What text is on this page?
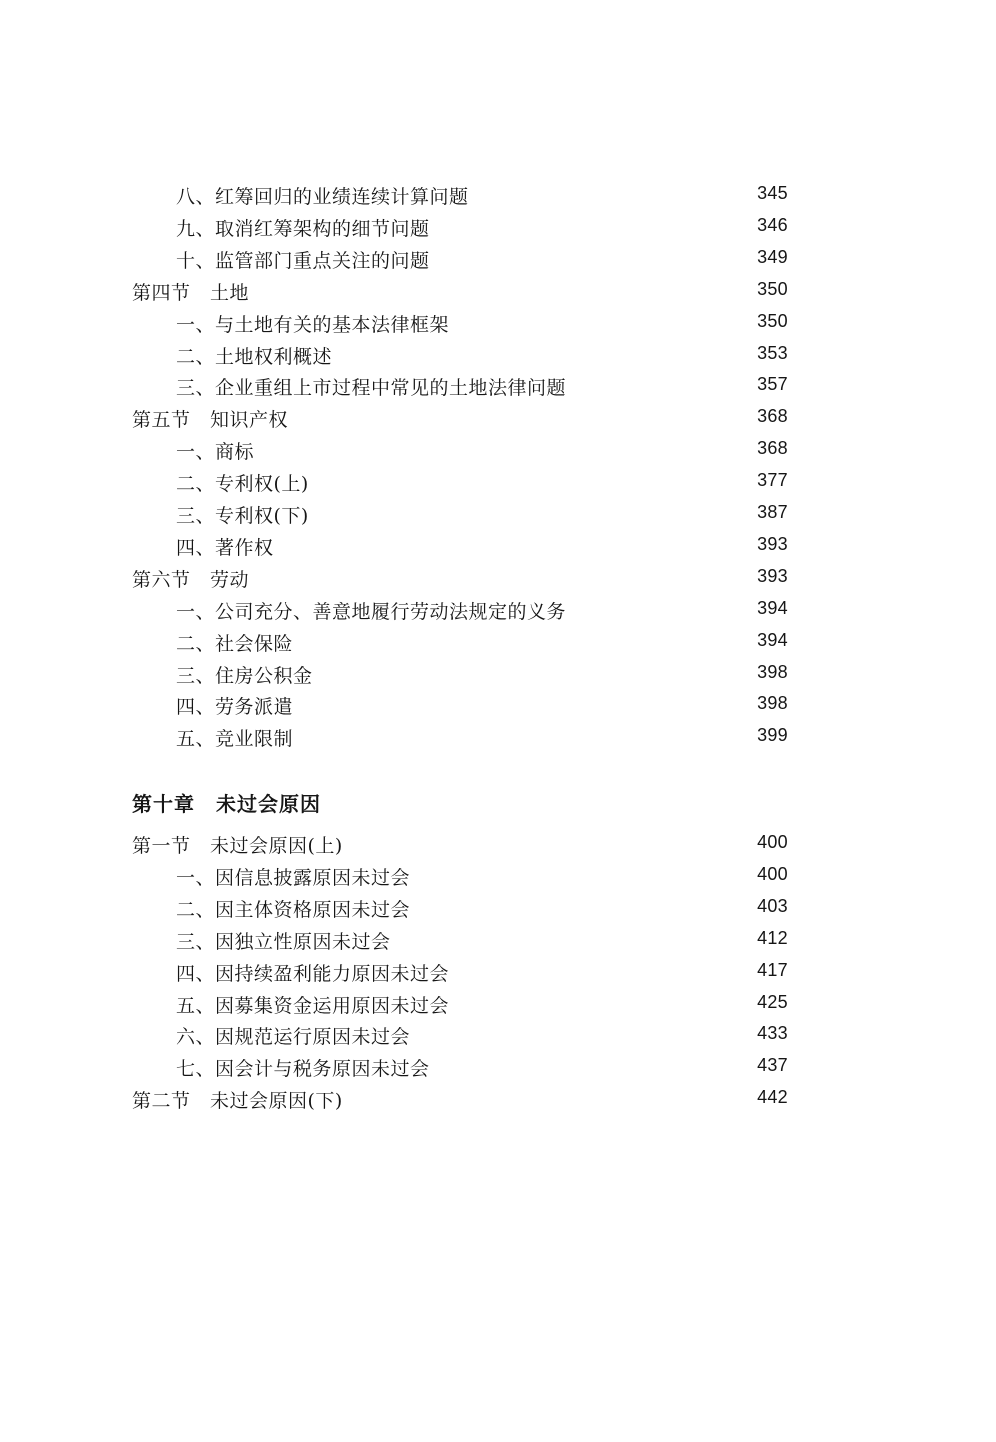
八、红筹回归的业绩连续计算问题	345
九、取消红筹架构的细节问题	346
十、监管部门重点关注的问题	349
第四节　土地	350
一、与土地有关的基本法律框架	350
二、土地权利概述	353
三、企业重组上市过程中常见的土地法律问题	357
第五节　知识产权	368
一、商标	368
二、专利权(上)	377
三、专利权(下)	387
四、著作权	393
第六节　劳动	393
一、公司充分、善意地履行劳动法规定的义务	394
二、社会保险	394
三、住房公积金	398
四、劳务派遣	398
五、竞业限制	399
第十章　未过会原因
第一节　未过会原因(上)	400
一、因信息披露原因未过会	400
二、因主体资格原因未过会	403
三、因独立性原因未过会	412
四、因持续盈利能力原因未过会	417
五、因募集资金运用原因未过会	425
六、因规范运行原因未过会	433
七、因会计与税务原因未过会	437
第二节　未过会原因(下)	442
